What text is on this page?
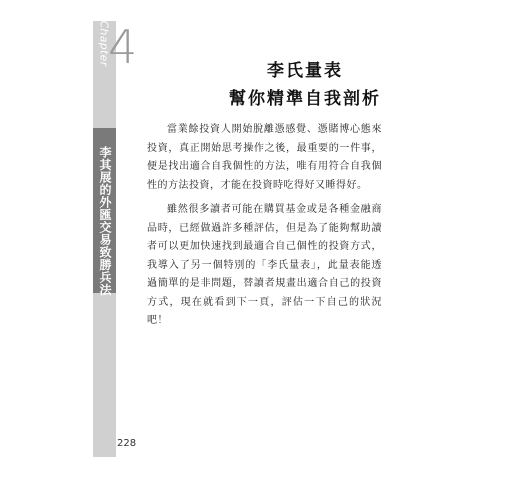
Chapter
4
李其展的外匯交易致勝兵法

李氏量表

幫你精準自我剖析

當業餘投資人開始脫離憑感覺、憑賭博心態來投資，真正開始思考操作之後，最重要的一件事，便是找出適合自我個性的方法，唯有用符合自我個性的方法投資，才能在投資時吃得好又睡得好。

雖然很多讀者可能在購買基金或是各種金融商品時，已經做過許多種評估，但是為了能夠幫助讀者可以更加快速找到最適合自己個性的投資方式，我導入了另一個特別的「李氏量表」，此量表能透過簡單的是非問題，替讀者規畫出適合自己的投資方式，現在就看到下一頁，評估一下自己的狀況吧！

228
